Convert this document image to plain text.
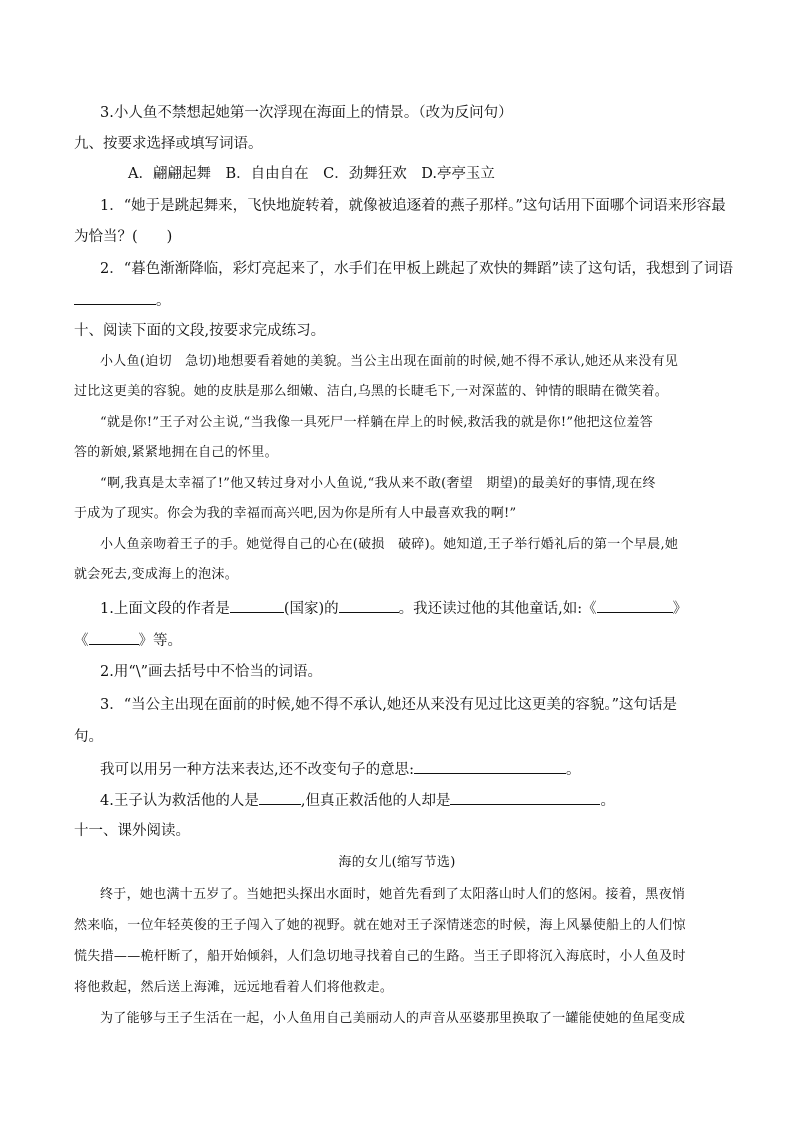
3.小人鱼不禁想起她第一次浮现在海面上的情景。（改为反问句）
九、按要求选择或填写词语。
A．翩翩起舞　B．自由自在　C．劲舞狂欢　D.亭亭玉立
1．“她于是跳起舞来，飞快地旋转着，就像被追逐着的燕子那样。”这句话用下面哪个词语来形容最
为恰当？(　　)
2．“暮色渐渐降临，彩灯亮起来了，水手们在甲板上跳起了欢快的舞蹈”读了这句话，我想到了词语
。
十、阅读下面的文段,按要求完成练习。
小人鱼(迫切　急切)地想要看着她的美貌。当公主出现在面前的时候,她不得不承认,她还从来没有见
过比这更美的容貌。她的皮肤是那么细嫩、洁白,乌黑的长睫毛下,一对深蓝的、钟情的眼睛在微笑着。
“就是你!”王子对公主说,“当我像一具死尸一样躺在岸上的时候,救活我的就是你!”他把这位羞答
答的新娘,紧紧地拥在自己的怀里。
“啊,我真是太幸福了!”他又转过身对小人鱼说,“我从来不敢(奢望　期望)的最美好的事情,现在终
于成为了现实。你会为我的幸福而高兴吧,因为你是所有人中最喜欢我的啊!”
小人鱼亲吻着王子的手。她觉得自己的心在(破损　破碎)。她知道,王子举行婚礼后的第一个早晨,她
就会死去,变成海上的泡沫。
1.上面文段的作者是	(国家)的	。我还读过他的其他童话,如:《	》
《	》等。
2.用“\”画去括号中不恰当的词语。
3．“当公主出现在面前的时候,她不得不承认,她还从来没有见过比这更美的容貌。”这句话是
句。
我可以用另一种方法来表达,还不改变句子的意思:	。
4.王子认为救活他的人是	,但真正救活他的人却是	。
十一、课外阅读。
海的女儿(缩写节选)
终于，她也满十五岁了。当她把头探出水面时，她首先看到了太阳落山时人们的悠闲。接着，黑夜悄
然来临，一位年轻英俊的王子闯入了她的视野。就在她对王子深情迷恋的时候，海上风暴使船上的人们惊
慌失措——桅杆断了，船开始倾斜，人们急切地寻找着自己的生路。当王子即将沉入海底时，小人鱼及时
将他救起，然后送上海滩，远远地看着人们将他救走。
为了能够与王子生活在一起，小人鱼用自己美丽动人的声音从巫婆那里换取了一罐能使她的鱼尾变成
